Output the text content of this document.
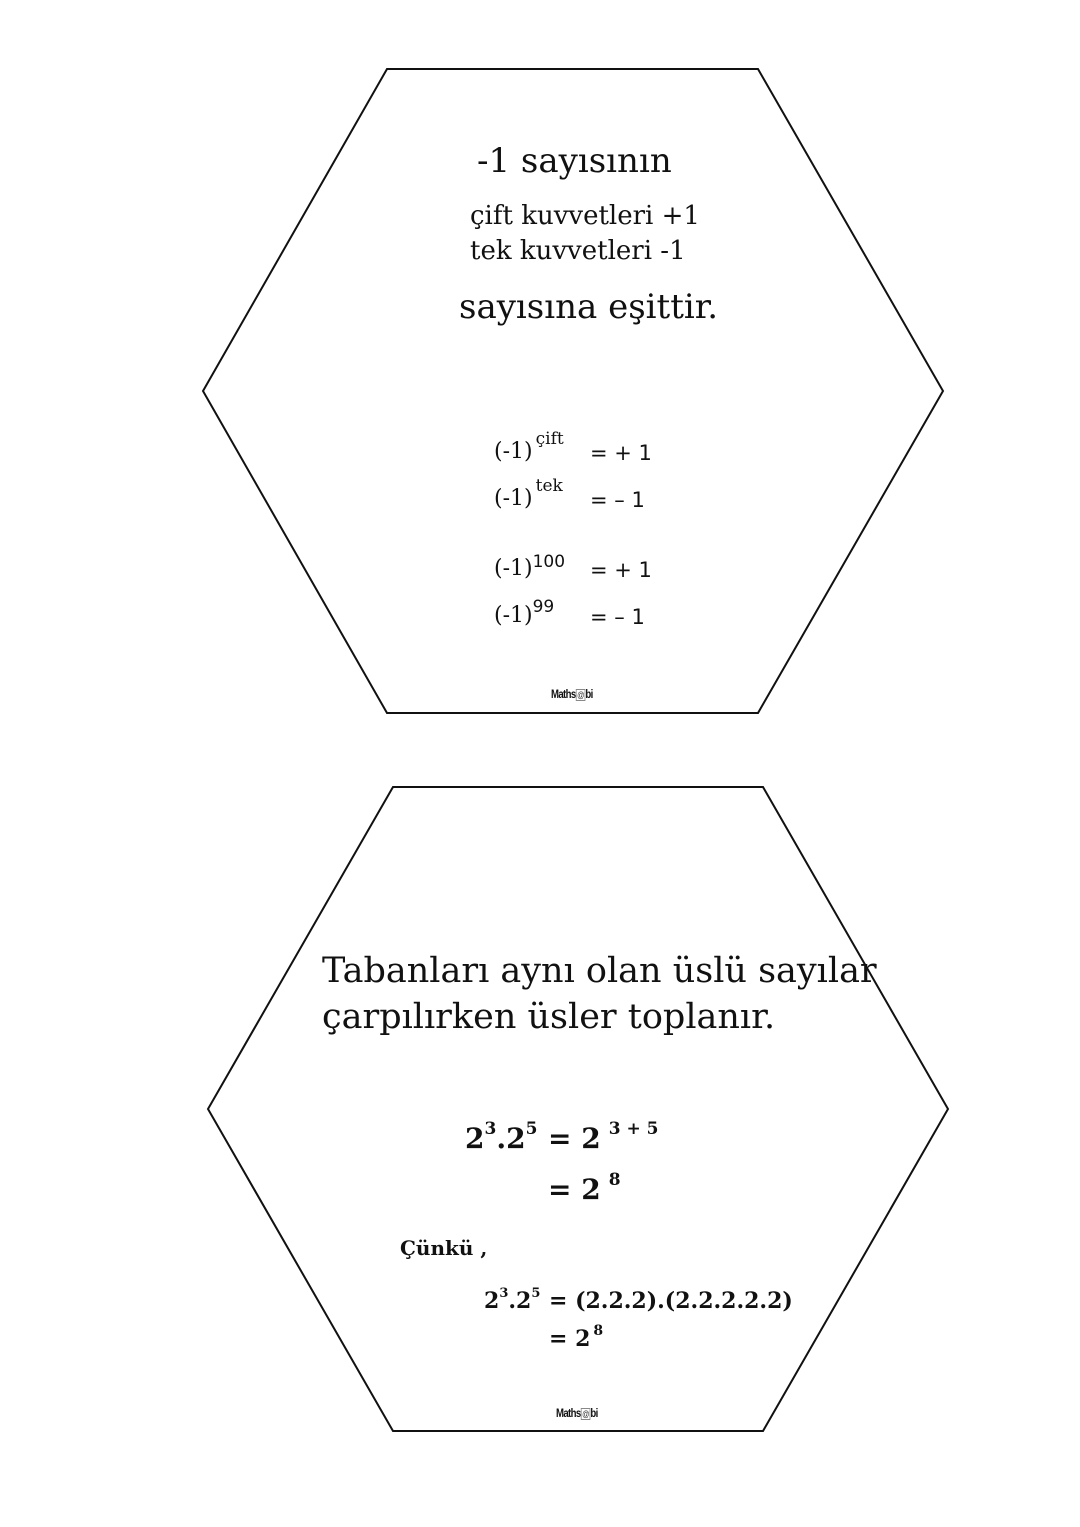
-1 sayısının
çift kuvvetleri +1
tek kuvvetleri -1
sayısına eşittir.
(-1) $^{çift}$
= + 1
(-1) $^{tek}$
= – 1
$(-1)^{100}$ = + 1
$(-1)^{99}$ = – 1
Maths @ bi
Tabanları aynı olan üslü sayılar
çarpılırken üsler toplanır.
$2^3.2^5 = 2$ $^{3 + 5}$
= 2 $^8$
Çünkü ,
$2^3.2^5 = (2.2.2).(2.2.2.2.2)$
= 2 $^8$
Maths @ bi
